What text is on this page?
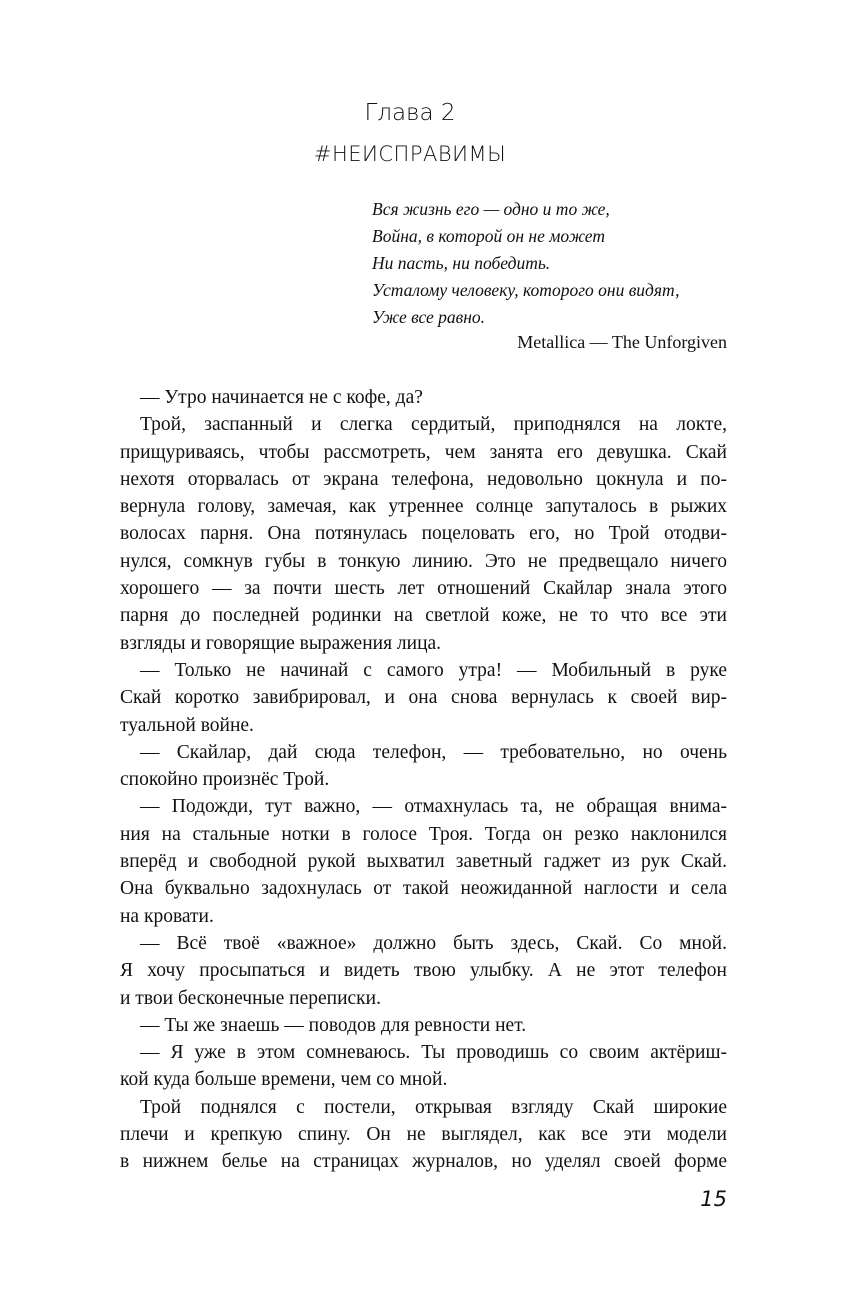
Глава 2
#НЕИСПРАВИМЫ
Вся жизнь его — одно и то же,
Война, в которой он не может
Ни пасть, ни победить.
Усталому человеку, которого они видят,
Уже все равно.
Metallica — The Unforgiven
— Утро начинается не с кофе, да?
Трой, заспанный и слегка сердитый, приподнялся на локте,
прищуриваясь, чтобы рассмотреть, чем занята его девушка. Скай
нехотя оторвалась от экрана телефона, недовольно цокнула и по-
вернула голову, замечая, как утреннее солнце запуталось в рыжих
волосах парня. Она потянулась поцеловать его, но Трой отодви-
нулся, сомкнув губы в тонкую линию. Это не предвещало ничего
хорошего — за почти шесть лет отношений Скайлар знала этого
парня до последней родинки на светлой коже, не то что все эти
взгляды и говорящие выражения лица.
— Только не начинай с самого утра! — Мобильный в руке
Скай коротко завибрировал, и она снова вернулась к своей вир-
туальной войне.
— Скайлар, дай сюда телефон, — требовательно, но очень
спокойно произнёс Трой.
— Подожди, тут важно, — отмахнулась та, не обращая внима-
ния на стальные нотки в голосе Троя. Тогда он резко наклонился
вперёд и свободной рукой выхватил заветный гаджет из рук Скай.
Она буквально задохнулась от такой неожиданной наглости и села
на кровати.
— Всё твоё «важное» должно быть здесь, Скай. Со мной.
Я хочу просыпаться и видеть твою улыбку. А не этот телефон
и твои бесконечные переписки.
— Ты же знаешь — поводов для ревности нет.
— Я уже в этом сомневаюсь. Ты проводишь со своим актёриш-
кой куда больше времени, чем со мной.
Трой поднялся с постели, открывая взгляду Скай широкие
плечи и крепкую спину. Он не выглядел, как все эти модели
в нижнем белье на страницах журналов, но уделял своей форме
15
